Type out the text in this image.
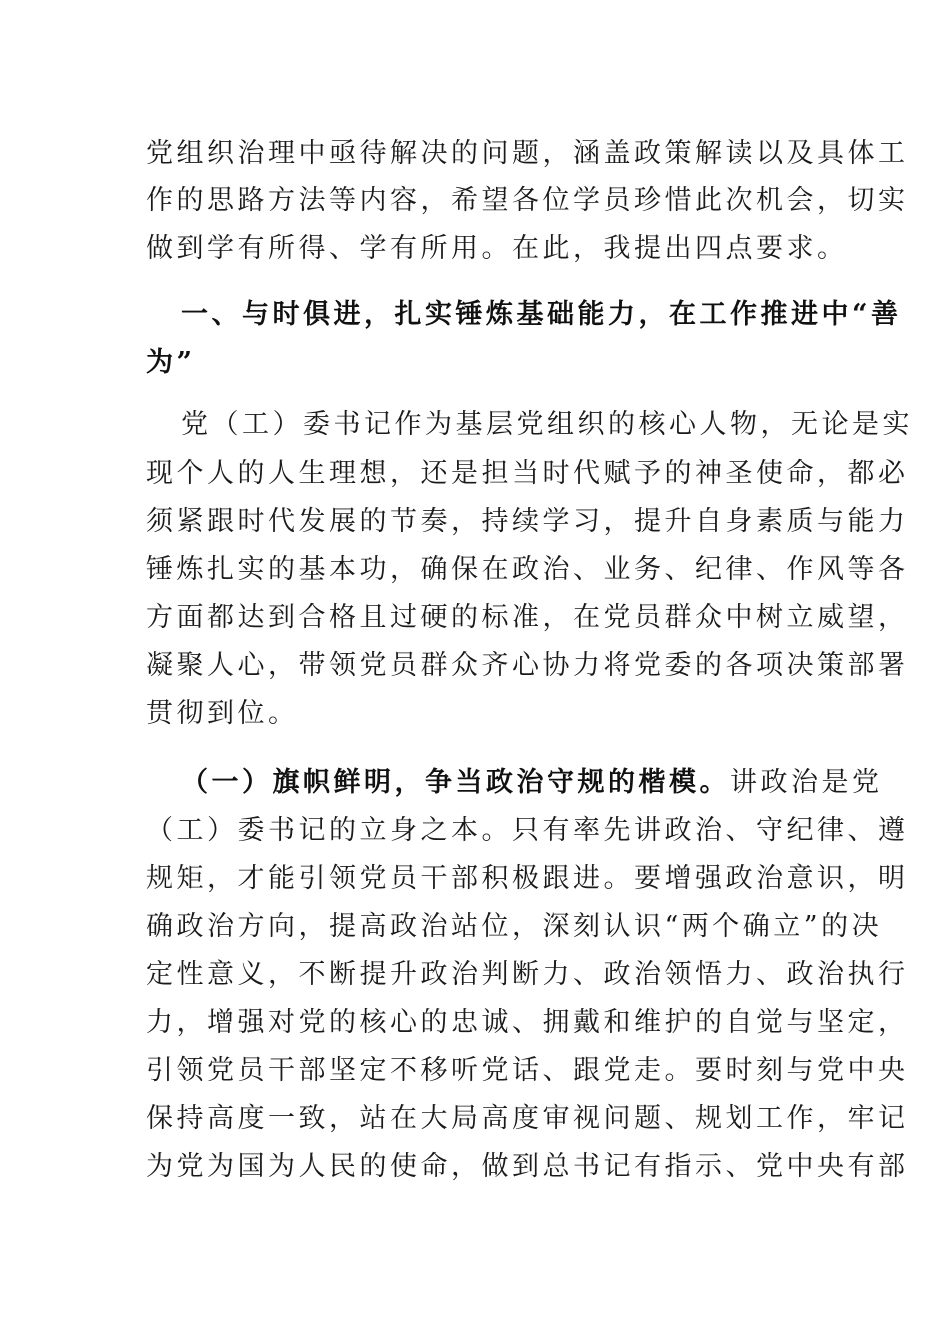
党组织治理中亟待解决的问题，涵盖政策解读以及具体工
作的思路方法等内容，希望各位学员珍惜此次机会，切实
做到学有所得、学有所用。在此，我提出四点要求。
一、与时俱进，扎实锤炼基础能力，在工作推进中“善
为”
党（工）委书记作为基层党组织的核心人物，无论是实
现个人的人生理想，还是担当时代赋予的神圣使命，都必
须紧跟时代发展的节奏，持续学习，提升自身素质与能力
锤炼扎实的基本功，确保在政治、业务、纪律、作风等各
方面都达到合格且过硬的标准，在党员群众中树立威望，
凝聚人心，带领党员群众齐心协力将党委的各项决策部署
贯彻到位。
（一）旗帜鲜明，争当政治守规的楷模。讲政治是党
（工）委书记的立身之本。只有率先讲政治、守纪律、遵
规矩，才能引领党员干部积极跟进。要增强政治意识，明
确政治方向，提高政治站位，深刻认识“两个确立”的决
定性意义，不断提升政治判断力、政治领悟力、政治执行
力，增强对党的核心的忠诚、拥戴和维护的自觉与坚定，
引领党员干部坚定不移听党话、跟党走。要时刻与党中央
保持高度一致，站在大局高度审视问题、规划工作，牢记
为党为国为人民的使命，做到总书记有指示、党中央有部
